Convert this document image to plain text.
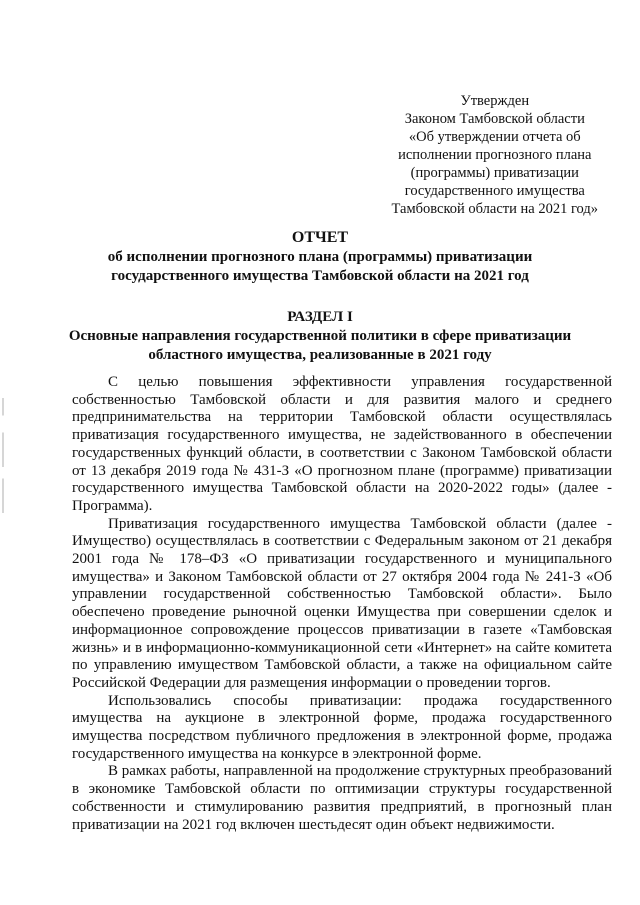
Утвержден
Законом Тамбовской области
«Об утверждении отчета об
исполнении прогнозного плана
(программы) приватизации
государственного имущества
Тамбовской области на 2021 год»
ОТЧЕТ
об исполнении прогнозного плана (программы) приватизации
государственного имущества Тамбовской области на 2021 год
РАЗДЕЛ I
Основные направления государственной политики в сфере приватизации
областного имущества, реализованные в 2021 году

С целью повышения эффективности управления государственной собственностью Тамбовской области и для развития малого и среднего предпринимательства на территории Тамбовской области осуществлялась приватизация государственного имущества, не задействованного в обеспечении государственных функций области, в соответствии с Законом Тамбовской области от 13 декабря 2019 года № 431-З «О прогнозном плане (программе) приватизации государственного имущества Тамбовской области на 2020-2022 годы» (далее - Программа).

Приватизация государственного имущества Тамбовской области (далее - Имущество) осуществлялась в соответствии с Федеральным законом от 21 декабря 2001 года № 178–ФЗ «О приватизации государственного и муниципального имущества» и Законом Тамбовской области от 27 октября 2004 года № 241-З «Об управлении государственной собственностью Тамбовской области». Было обеспечено проведение рыночной оценки Имущества при совершении сделок и информационное сопровождение процессов приватизации в газете «Тамбовская жизнь» и в информационно-коммуникационной сети «Интернет» на сайте комитета по управлению имуществом Тамбовской области, а также на официальном сайте Российской Федерации для размещения информации о проведении торгов.

Использовались способы приватизации: продажа государственного имущества на аукционе в электронной форме, продажа государственного имущества посредством публичного предложения в электронной форме, продажа государственного имущества на конкурсе в электронной форме.

В рамках работы, направленной на продолжение структурных преобразований в экономике Тамбовской области по оптимизации структуры государственной собственности и стимулированию развития предприятий, в прогнозный план приватизации на 2021 год включен шестьдесят один объект недвижимости.
